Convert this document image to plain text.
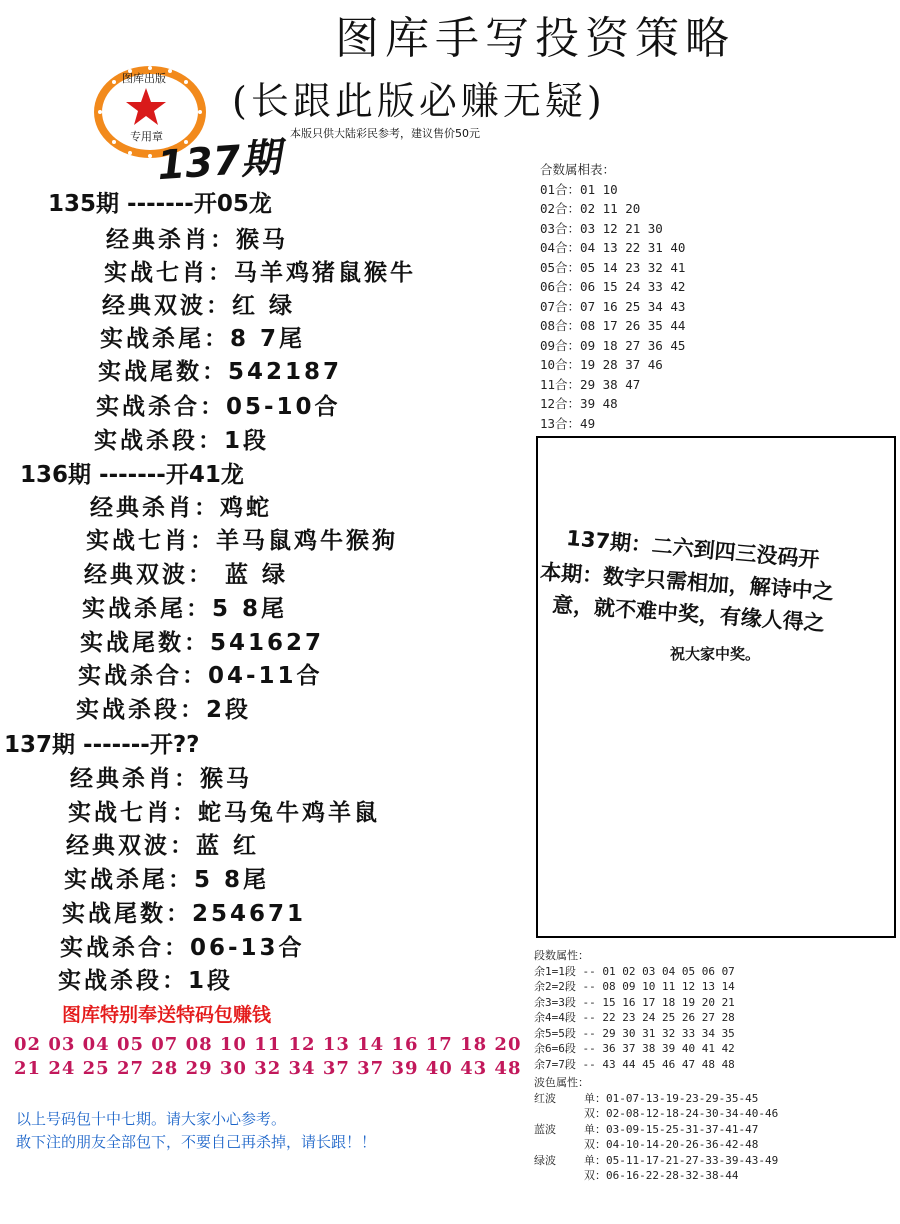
图库手写投资策略
(长跟此版必赚无疑)
本版只供大陆彩民参考，建议售价50元
图库出版
专用章
137期
135期 -------开05龙
经典杀肖：猴马
实战七肖：马羊鸡猪鼠猴牛
经典双波：红 绿
实战杀尾：8 7尾
实战尾数：542187
实战杀合：05-10合
实战杀段：1段
136期 -------开41龙
经典杀肖：鸡蛇
实战七肖：羊马鼠鸡牛猴狗
经典双波： 蓝 绿
实战杀尾：5 8尾
实战尾数：541627
实战杀合：04-11合
实战杀段：2段
137期 -------开??
经典杀肖：猴马
实战七肖：蛇马兔牛鸡羊鼠
经典双波：蓝 红
实战杀尾：5 8尾
实战尾数：254671
实战杀合：06-13合
实战杀段：1段
图库特别奉送特码包赚钱
02 03 04 05 07 08 10 11 12 13 14 16 17 18 20
21 24 25 27 28 29 30 32 34 37 37 39 40 43 48
以上号码包十中七期。请大家小心参考。
敢下注的朋友全部包下，不要自己再杀掉，请长跟！！
合数属相表：
01合：01 10
02合：02 11 20
03合：03 12 21 30
04合：04 13 22 31 40
05合：05 14 23 32 41
06合：06 15 24 33 42
07合：07 16 25 34 43
08合：08 17 26 35 44
09合：09 18 27 36 45
10合：19 28 37 46
11合：29 38 47
12合：39 48
13合：49
137期：二六到四三没码开
本期：数字只需相加，解诗中之
意，就不难中奖，有缘人得之
祝大家中奖。
段数属性：
余1=1段 -- 01 02 03 04 05 06 07
余2=2段 -- 08 09 10 11 12 13 14
余3=3段 -- 15 16 17 18 19 20 21
余4=4段 -- 22 23 24 25 26 27 28
余5=5段 -- 29 30 31 32 33 34 35
余6=6段 -- 36 37 38 39 40 41 42
余7=7段 -- 43 44 45 46 47 48 48
波色属性：
红波	单：01-07-13-19-23-29-35-45
双：02-08-12-18-24-30-34-40-46
蓝波	单：03-09-15-25-31-37-41-47
双：04-10-14-20-26-36-42-48
绿波	单：05-11-17-21-27-33-39-43-49
双：06-16-22-28-32-38-44
